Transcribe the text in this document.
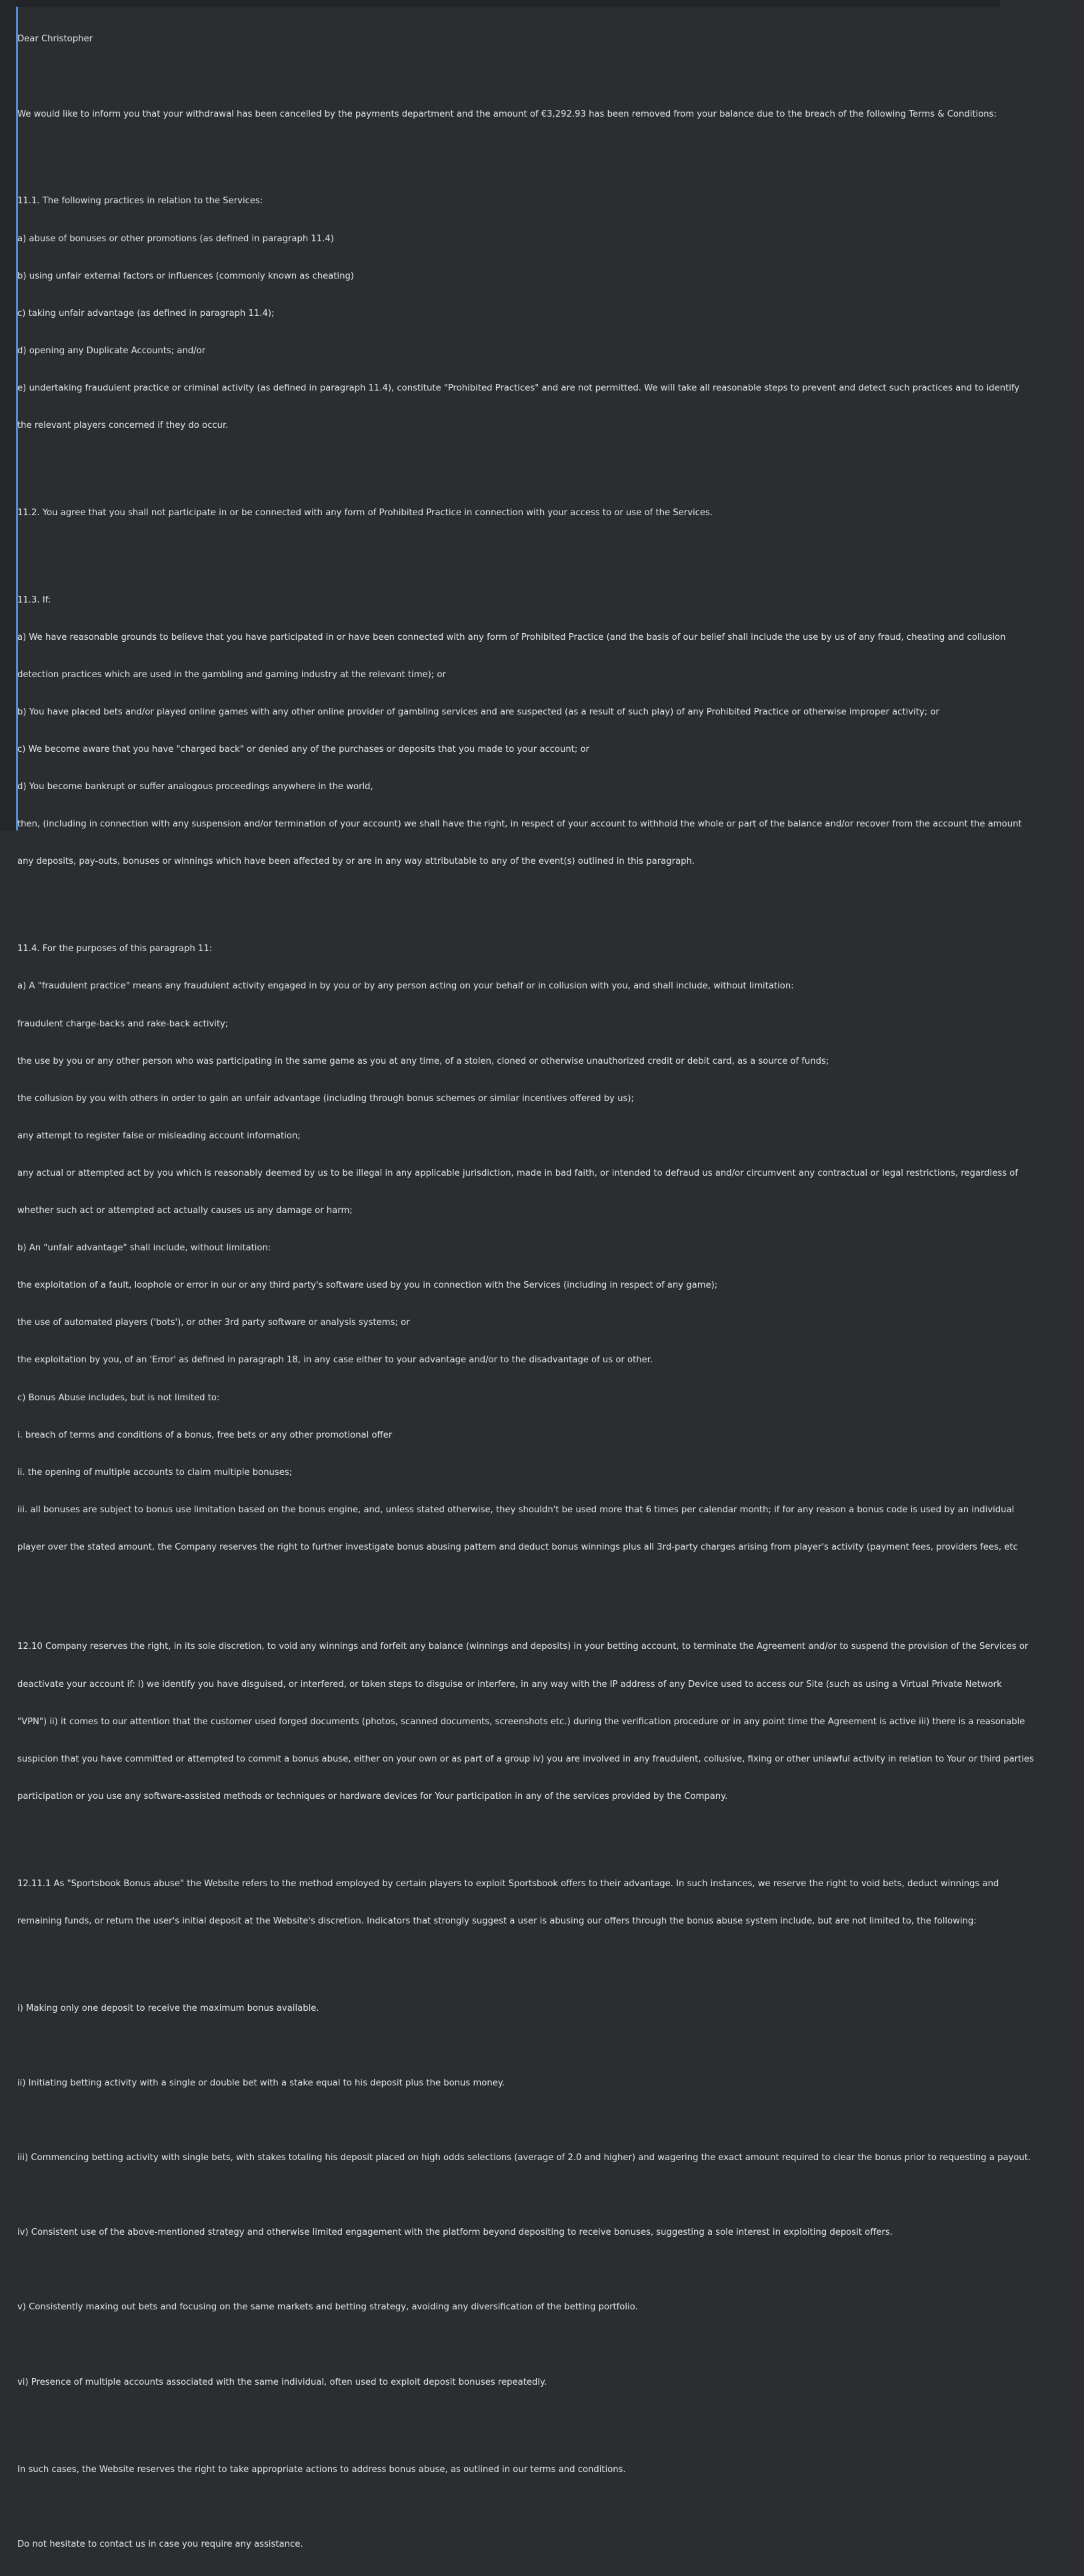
Dear Christopher

We would like to inform you that your withdrawal has been cancelled by the payments department and the amount of €3,292.93 has been removed from your balance due to the breach of the following Terms & Conditions:

11.1. The following practices in relation to the Services:

a) abuse of bonuses or other promotions (as defined in paragraph 11.4)

b) using unfair external factors or influences (commonly known as cheating)

c) taking unfair advantage (as defined in paragraph 11.4);

d) opening any Duplicate Accounts; and/or

e) undertaking fraudulent practice or criminal activity (as defined in paragraph 11.4), constitute "Prohibited Practices" and are not permitted. We will take all reasonable steps to prevent and detect such practices and to identify

the relevant players concerned if they do occur.

11.2. You agree that you shall not participate in or be connected with any form of Prohibited Practice in connection with your access to or use of the Services.

11.3. If:

a) We have reasonable grounds to believe that you have participated in or have been connected with any form of Prohibited Practice (and the basis of our belief shall include the use by us of any fraud, cheating and collusion

detection practices which are used in the gambling and gaming industry at the relevant time); or

b) You have placed bets and/or played online games with any other online provider of gambling services and are suspected (as a result of such play) of any Prohibited Practice or otherwise improper activity; or

c) We become aware that you have "charged back" or denied any of the purchases or deposits that you made to your account; or

d) You become bankrupt or suffer analogous proceedings anywhere in the world,

then, (including in connection with any suspension and/or termination of your account) we shall have the right, in respect of your account to withhold the whole or part of the balance and/or recover from the account the amount

any deposits, pay-outs, bonuses or winnings which have been affected by or are in any way attributable to any of the event(s) outlined in this paragraph.

11.4. For the purposes of this paragraph 11:

a) A "fraudulent practice" means any fraudulent activity engaged in by you or by any person acting on your behalf or in collusion with you, and shall include, without limitation:

fraudulent charge-backs and rake-back activity;

the use by you or any other person who was participating in the same game as you at any time, of a stolen, cloned or otherwise unauthorized credit or debit card, as a source of funds;

the collusion by you with others in order to gain an unfair advantage (including through bonus schemes or similar incentives offered by us);

any attempt to register false or misleading account information;

any actual or attempted act by you which is reasonably deemed by us to be illegal in any applicable jurisdiction, made in bad faith, or intended to defraud us and/or circumvent any contractual or legal restrictions, regardless of

whether such act or attempted act actually causes us any damage or harm;

b) An "unfair advantage" shall include, without limitation:

the exploitation of a fault, loophole or error in our or any third party's software used by you in connection with the Services (including in respect of any game);

the use of automated players ('bots'), or other 3rd party software or analysis systems; or

the exploitation by you, of an 'Error' as defined in paragraph 18, in any case either to your advantage and/or to the disadvantage of us or other.

c) Bonus Abuse includes, but is not limited to:

i. breach of terms and conditions of a bonus, free bets or any other promotional offer

ii. the opening of multiple accounts to claim multiple bonuses;

iii. all bonuses are subject to bonus use limitation based on the bonus engine, and, unless stated otherwise, they shouldn't be used more that 6 times per calendar month; if for any reason a bonus code is used by an individual

player over the stated amount, the Company reserves the right to further investigate bonus abusing pattern and deduct bonus winnings plus all 3rd-party charges arising from player's activity (payment fees, providers fees, etc

12.10 Company reserves the right, in its sole discretion, to void any winnings and forfeit any balance (winnings and deposits) in your betting account, to terminate the Agreement and/or to suspend the provision of the Services or

deactivate your account if: i) we identify you have disguised, or interfered, or taken steps to disguise or interfere, in any way with the IP address of any Device used to access our Site (such as using a Virtual Private Network

"VPN") ii) it comes to our attention that the customer used forged documents (photos, scanned documents, screenshots etc.) during the verification procedure or in any point time the Agreement is active iii) there is a reasonable

suspicion that you have committed or attempted to commit a bonus abuse, either on your own or as part of a group iv) you are involved in any fraudulent, collusive, fixing or other unlawful activity in relation to Your or third parties

participation or you use any software-assisted methods or techniques or hardware devices for Your participation in any of the services provided by the Company.

12.11.1 As "Sportsbook Bonus abuse" the Website refers to the method employed by certain players to exploit Sportsbook offers to their advantage. In such instances, we reserve the right to void bets, deduct winnings and

remaining funds, or return the user's initial deposit at the Website's discretion. Indicators that strongly suggest a user is abusing our offers through the bonus abuse system include, but are not limited to, the following:

i) Making only one deposit to receive the maximum bonus available.

ii) Initiating betting activity with a single or double bet with a stake equal to his deposit plus the bonus money.

iii) Commencing betting activity with single bets, with stakes totaling his deposit placed on high odds selections (average of 2.0 and higher) and wagering the exact amount required to clear the bonus prior to requesting a payout.

iv) Consistent use of the above-mentioned strategy and otherwise limited engagement with the platform beyond depositing to receive bonuses, suggesting a sole interest in exploiting deposit offers.

v) Consistently maxing out bets and focusing on the same markets and betting strategy, avoiding any diversification of the betting portfolio.

vi) Presence of multiple accounts associated with the same individual, often used to exploit deposit bonuses repeatedly.

In such cases, the Website reserves the right to take appropriate actions to address bonus abuse, as outlined in our terms and conditions.

Do not hesitate to contact us in case you require any assistance.
